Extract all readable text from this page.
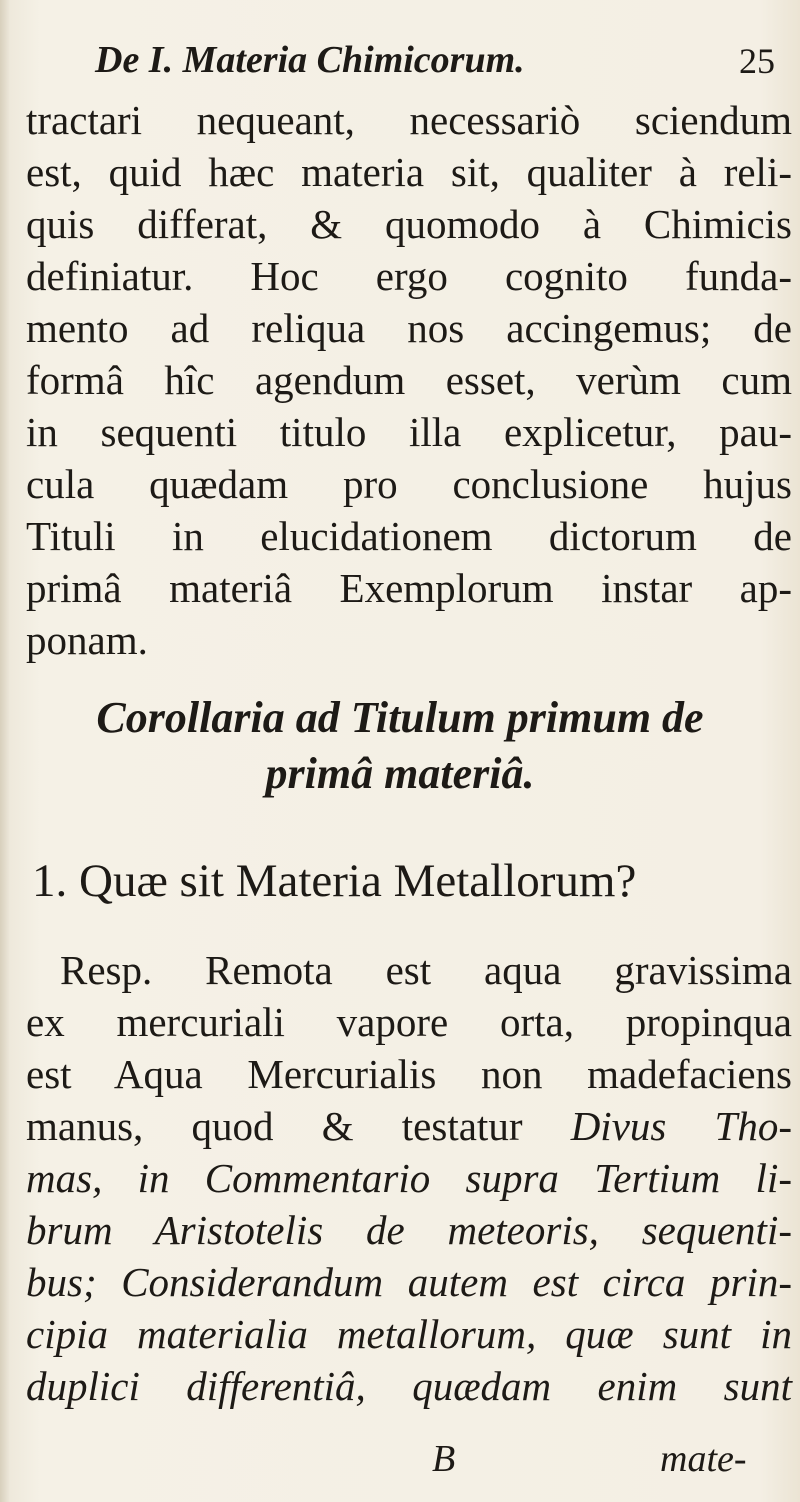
De I. Materia Chimicorum.	25
tractari nequeant, necessariò sciendum
est, quid hæc materia sit, qualiter à reli-
quis differat, & quomodo à Chimicis
definiatur. Hoc ergo cognito funda-
mento ad reliqua nos accingemus; de
formâ hîc agendum esset, verùm cum
in sequenti titulo illa explicetur, pau-
cula quædam pro conclusione hujus
Tituli in elucidationem dictorum de
primâ materiâ Exemplorum instar ap-
ponam.
Corollaria ad Titulum primum de
primâ materiâ.
1. Quæ sit Materia Metallorum?
Resp. Remota est aqua gravissima
ex mercuriali vapore orta, propinqua
est Aqua Mercurialis non madefaciens
manus, quod & testatur Divus Tho-
mas, in Commentario supra Tertium li-
brum Aristotelis de meteoris, sequenti-
bus; Considerandum autem est circa prin-
cipia materialia metallorum, quæ sunt in
duplici differentiâ, quædam enim sunt
B	mate-
